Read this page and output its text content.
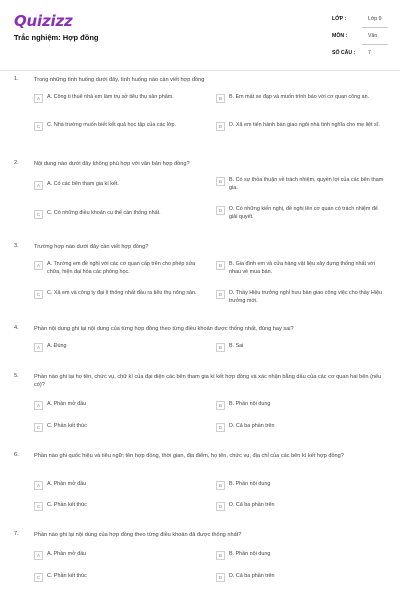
Quizizz
Trắc nghiệm: Hợp đồng
LỚP :	Lớp 9
MÔN :	Văn
SỐ CÂU : 7
1.	Trong những tình huống dưới đây, tình huống nào cần viết hợp đồng
A	A. Công ti thuê nhà em làm trụ sở tiêu thụ sản phẩm.	B	B. Em mất xe đạp và muốn trình báo với cơ quan công an.
C	C. Nhà trường muốn biết kết quả học tập của các lớp.	D	D. Xã em tiến hành bàn giao ngôi nhà tình nghĩa cho mẹ liệt sĩ.
2.	Nội dung nào dưới đây không phù hợp với văn bản hợp đồng?
A	A. Có các bên tham gia kí kết.	B	B. Có sự thỏa thuận về trách nhiệm, quyền lợi của các bên tham gia.
C	C. Có những điều khoản cụ thể cần thống nhất.	D	D. Có những kiến nghị, đề nghị lên cơ quan có trách nhiệm để giải quyết.
3.	Trường hợp nào dưới đây cần viết hợp đồng?
A	A. Trường em đề nghị với các cơ quan cấp trên cho phép sửa chữa, hiện đại hóa các phòng học.
B	B. Gia đình em và cửa hàng vật liệu xây dựng thống nhất với nhau về mua bán.
C	C. Xã em và công ty đại lí thống nhất đầu ra tiêu thụ nông sản.	D	D. Thầy Hiệu trưởng nghỉ hưu bàn giao công việc cho thầy Hiệu trưởng mới.
4.	Phần nội dung ghi lại nội dung của từng hợp đồng theo từng điều khoản được thống nhất, đúng hay sai?
A	A. Đúng	B	B. Sai
5.	Phần nào ghi lại họ tên, chức vụ, chữ kí của đại diện các bên tham gia kí kết hợp đồng và xác nhận bằng dấu của các cơ quan hai bên (nếu có)?
A	A. Phần mở đầu	B	B. Phần nội dung
C	C. Phần kết thúc	D	D. Cả ba phần trên
6.	Phần nào ghi quốc hiệu và tiêu ngữ; tên hợp đồng, thời gian, địa điểm, họ tên, chức vụ, địa chỉ của các bên kí kết hợp đồng?
A	A. Phần mở đầu	B	B. Phần nội dung
C	C. Phần kết thúc	D	D. Cả ba phần trên
7.	Phần nào ghi lại nội dung của hợp đồng theo từng điều khoản đã được thống nhất?
A	A. Phần mở đầu	B	B. Phần nội dung
C	C. Phần kết thúc	D	D. Cả ba phần trên
